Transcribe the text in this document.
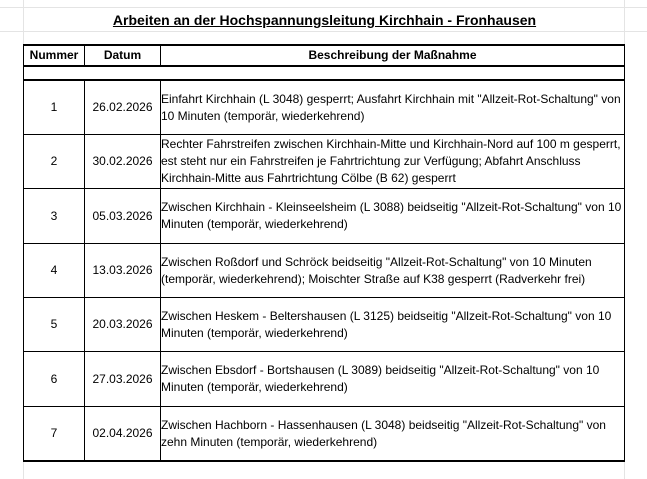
Arbeiten an der Hochspannungsleitung Kirchhain - Fronhausen
Nummer	Datum	Beschreibung der Maßnahme

1	26.02.2026	Einfahrt Kirchhain (L 3048) gesperrt; Ausfahrt Kirchhain mit "Allzeit-Rot-Schaltung" von 10 Minuten (temporär, wiederkehrend)
2	30.02.2026	Rechter Fahrstreifen zwischen Kirchhain-Mitte und Kirchhain-Nord auf 100 m gesperrt, est steht nur ein Fahrstreifen je Fahrtrichtung zur Verfügung; Abfahrt Anschluss Kirchhain-Mitte aus Fahrtrichtung Cölbe (B 62) gesperrt
3	05.03.2026	Zwischen Kirchhain - Kleinseelsheim (L 3088) beidseitig "Allzeit-Rot-Schaltung" von 10 Minuten (temporär, wiederkehrend)
4	13.03.2026	Zwischen Roßdorf und Schröck beidseitig "Allzeit-Rot-Schaltung" von 10 Minuten (temporär, wiederkehrend); Moischter Straße auf K38 gesperrt (Radverkehr frei)
5	20.03.2026	Zwischen Heskem - Beltershausen (L 3125) beidseitig "Allzeit-Rot-Schaltung" von 10 Minuten (temporär, wiederkehrend)
6	27.03.2026	Zwischen Ebsdorf - Bortshausen (L 3089) beidseitig "Allzeit-Rot-Schaltung" von 10 Minuten (temporär, wiederkehrend)
7	02.04.2026	Zwischen Hachborn - Hassenhausen (L 3048) beidseitig "Allzeit-Rot-Schaltung" von zehn Minuten (temporär, wiederkehrend)
